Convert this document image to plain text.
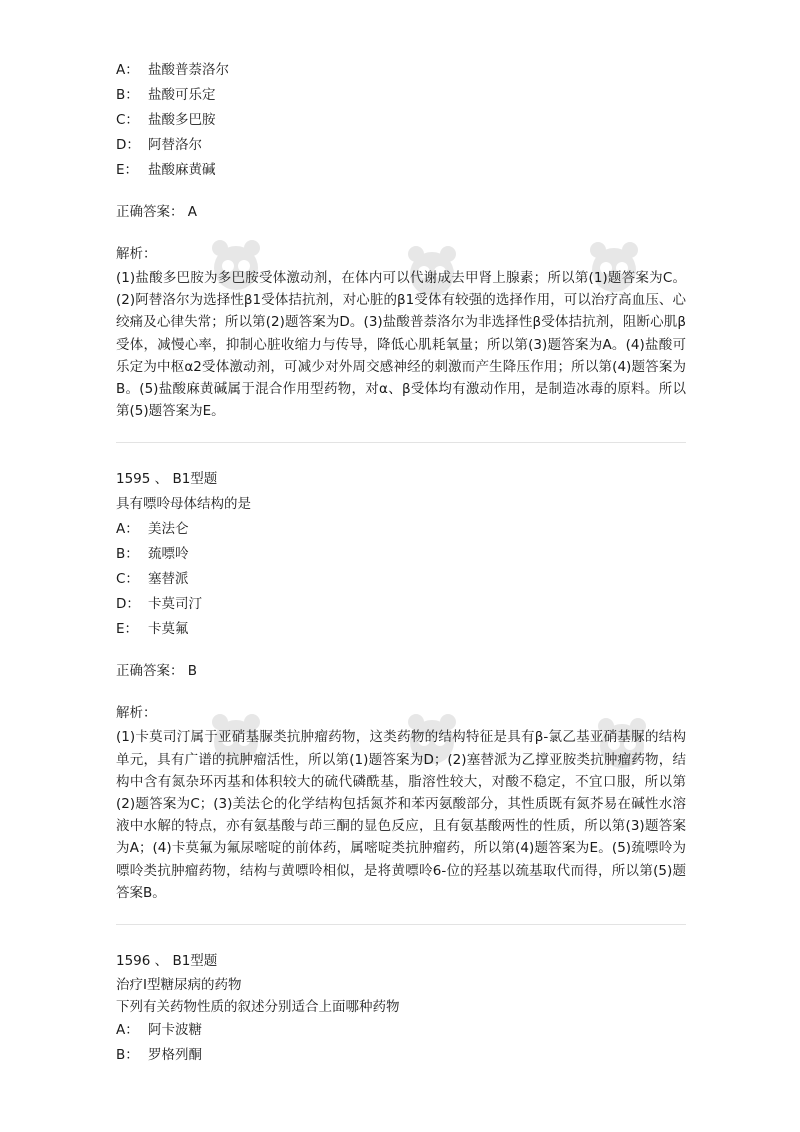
A： 盐酸普萘洛尔
B： 盐酸可乐定
C： 盐酸多巴胺
D： 阿替洛尔
E： 盐酸麻黄碱
正确答案： A
解析：

(1)盐酸多巴胺为多巴胺受体激动剂，在体内可以代谢成去甲肾上腺素；所以第(1)题答案为C。(2)阿替洛尔为选择性β1受体拮抗剂，对心脏的β1受体有较强的选择作用，可以治疗高血压、心绞痛及心律失常；所以第(2)题答案为D。(3)盐酸普萘洛尔为非选择性β受体拮抗剂，阻断心肌β受体，减慢心率，抑制心脏收缩力与传导，降低心肌耗氧量；所以第(3)题答案为A。(4)盐酸可乐定为中枢α2受体激动剂，可减少对外周交感神经的刺激而产生降压作用；所以第(4)题答案为B。(5)盐酸麻黄碱属于混合作用型药物，对α、β受体均有激动作用，是制造冰毒的原料。所以第(5)题答案为E。

1595 、 B1型题
具有嘌呤母体结构的是
A： 美法仑
B： 巯嘌呤
C： 塞替派
D： 卡莫司汀
E： 卡莫氟
正确答案： B
解析：

(1)卡莫司汀属于亚硝基脲类抗肿瘤药物，这类药物的结构特征是具有β-氯乙基亚硝基脲的结构单元，具有广谱的抗肿瘤活性，所以第(1)题答案为D；(2)塞替派为乙撑亚胺类抗肿瘤药物，结构中含有氮杂环丙基和体积较大的硫代磷酰基，脂溶性较大，对酸不稳定，不宜口服，所以第(2)题答案为C；(3)美法仑的化学结构包括氮芥和苯丙氨酸部分，其性质既有氮芥易在碱性水溶液中水解的特点，亦有氨基酸与茚三酮的显色反应，且有氨基酸两性的性质，所以第(3)题答案为A；(4)卡莫氟为氟尿嘧啶的前体药，属嘧啶类抗肿瘤药，所以第(4)题答案为E。(5)巯嘌呤为嘌呤类抗肿瘤药物，结构与黄嘌呤相似，是将黄嘌呤6-位的羟基以巯基取代而得，所以第(5)题答案B。

1596 、 B1型题
治疗Ⅰ型糖尿病的药物
下列有关药物性质的叙述分别适合上面哪种药物
A： 阿卡波糖
B： 罗格列酮
